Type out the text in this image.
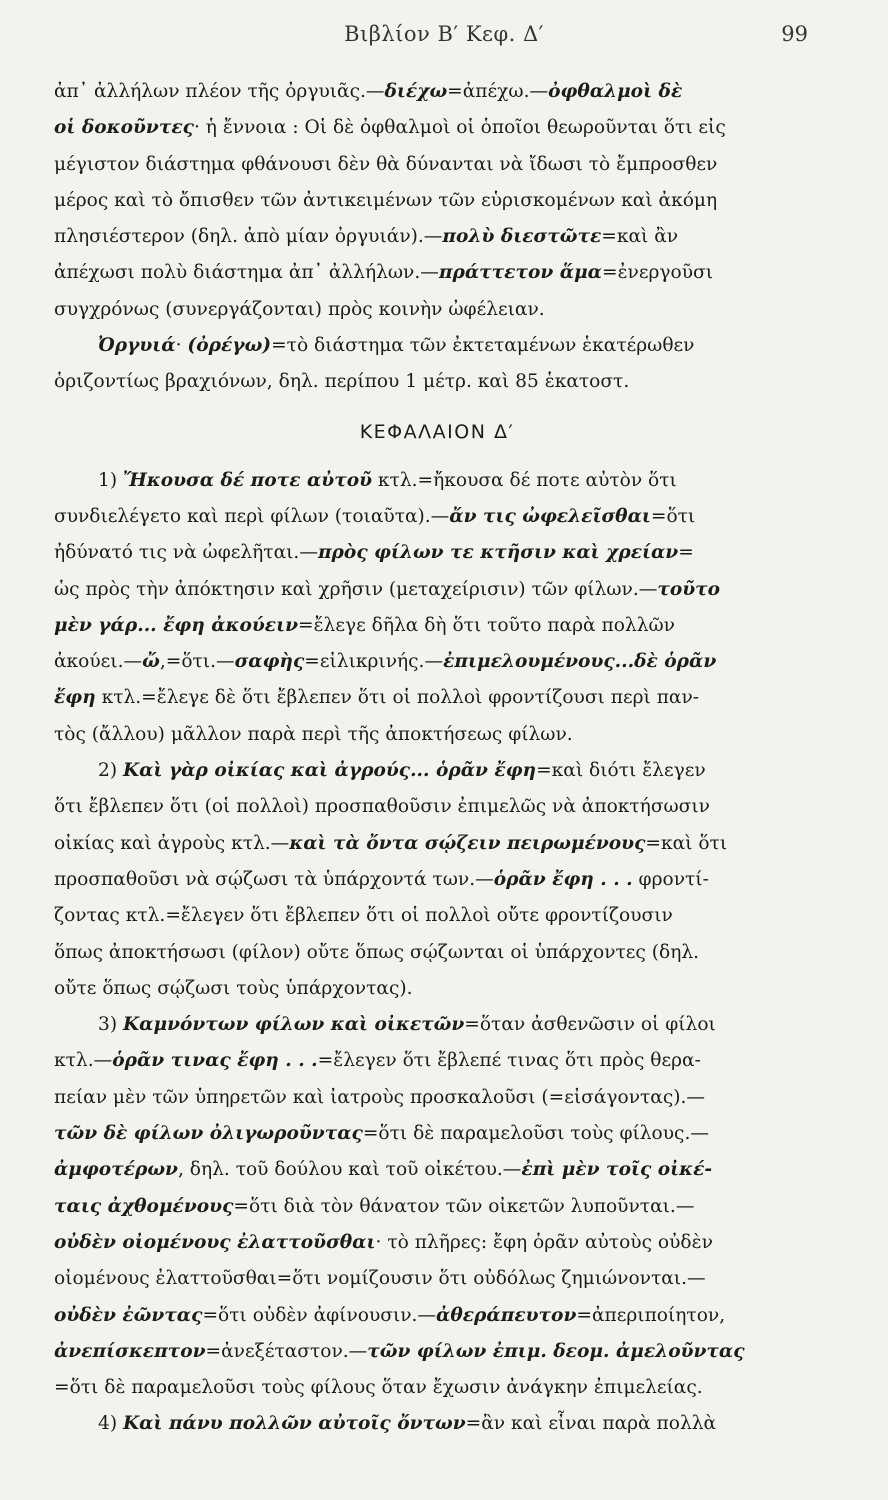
Βιβλίον Β′ Κεφ. Δ′	99
ἀπ᾽ ἀλλήλων πλέον τῆς ὀργυιᾶς.—διέχω=ἀπέχω.—ὀφθαλμοὶ δὲ
οἱ δοκοῦντες· ἡ ἔννοια : Οἱ δὲ ὀφθαλμοὶ οἱ ὁποῖοι θεωροῦνται ὅτι εἰς
μέγιστον διάστημα φθάνουσι δὲν θὰ δύνανται νὰ ἴδωσι τὸ ἔμπροσθεν
μέρος καὶ τὸ ὄπισθεν τῶν ἀντικειμένων τῶν εὑρισκομένων καὶ ἀκόμη
πλησιέστερον (δηλ. ἀπὸ μίαν ὀργυιάν).—πολὺ διεστῶτε=καὶ ἂν
ἀπέχωσι πολὺ διάστημα ἀπ᾽ ἀλλήλων.—πράττετον ἅμα=ἐνεργοῦσι
συγχρόνως (συνεργάζονται) πρὸς κοινὴν ὠφέλειαν.
Ὀργυιά· (ὀρέγω)=τὸ διάστημα τῶν ἐκτεταμένων ἑκατέρωθεν
ὁριζοντίως βραχιόνων, δηλ. περίπου 1 μέτρ. καὶ 85 ἑκατοστ.
ΚΕΦΑΛΑΙΟΝ Δ′
1) Ἤκουσα δέ ποτε αὐτοῦ κτλ.=ἤκουσα δέ ποτε αὐτὸν ὅτι
συνδιελέγετο καὶ περὶ φίλων (τοιαῦτα).—ἄν τις ὠφελεῖσθαι=ὅτι
ἠδύνατό τις νὰ ὠφελῆται.—πρὸς φίλων τε κτῆσιν καὶ χρείαν=
ὡς πρὸς τὴν ἀπόκτησιν καὶ χρῆσιν (μεταχείρισιν) τῶν φίλων.—τοῦτο
μὲν γάρ... ἔφη ἀκούειν=ἔλεγε δῆλα δὴ ὅτι τοῦτο παρὰ πολλῶν
ἀκούει.—ὤ,=ὅτι.—σαφὴς=εἰλικρινής.—ἐπιμελουμένους...δὲ ὁρᾶν
ἔφη κτλ.=ἔλεγε δὲ ὅτι ἔβλεπεν ὅτι οἱ πολλοὶ φροντίζουσι περὶ παν-
τὸς (ἄλλου) μᾶλλον παρὰ περὶ τῆς ἀποκτήσεως φίλων.
2) Καὶ γὰρ οἰκίας καὶ ἀγρούς... ὁρᾶν ἔφη=καὶ διότι ἔλεγεν
ὅτι ἔβλεπεν ὅτι (οἱ πολλοὶ) προσπαθοῦσιν ἐπιμελῶς νὰ ἀποκτήσωσιν
οἰκίας καὶ ἀγροὺς κτλ.—καὶ τὰ ὄντα σῴζειν πειρωμένους=καὶ ὅτι
προσπαθοῦσι νὰ σῴζωσι τὰ ὑπάρχοντά των.—ὁρᾶν ἔφη . . . φροντί-
ζοντας κτλ.=ἔλεγεν ὅτι ἔβλεπεν ὅτι οἱ πολλοὶ οὔτε φροντίζουσιν
ὅπως ἀποκτήσωσι (φίλον) οὔτε ὅπως σῴζωνται οἱ ὑπάρχοντες (δηλ.
οὔτε ὅπως σῴζωσι τοὺς ὑπάρχοντας).
3) Καμνόντων φίλων καὶ οἰκετῶν=ὅταν ἀσθενῶσιν οἱ φίλοι
κτλ.—ὁρᾶν τινας ἔφη . . .=ἔλεγεν ὅτι ἔβλεπέ τινας ὅτι πρὸς θερα-
πείαν μὲν τῶν ὑπηρετῶν καὶ ἰατροὺς προσκαλοῦσι (=εἰσάγοντας).—
τῶν δὲ φίλων ὀλιγωροῦντας=ὅτι δὲ παραμελοῦσι τοὺς φίλους.—
ἀμφοτέρων, δηλ. τοῦ δούλου καὶ τοῦ οἰκέτου.—ἐπὶ μὲν τοῖς οἰκέ-
ταις ἀχθομένους=ὅτι διὰ τὸν θάνατον τῶν οἰκετῶν λυποῦνται.—
οὐδὲν οἰομένους ἐλαττοῦσθαι· τὸ πλῆρες: ἔφη ὁρᾶν αὐτοὺς οὐδὲν
οἰομένους ἐλαττοῦσθαι=ὅτι νομίζουσιν ὅτι οὐδόλως ζημιώνονται.—
οὐδὲν ἐῶντας=ὅτι οὐδὲν ἀφίνουσιν.—ἀθεράπευτον=ἀπεριποίητον,
ἀνεπίσκεπτον=ἀνεξέταστον.—τῶν φίλων ἐπιμ. δεομ. ἀμελοῦντας
=ὅτι δὲ παραμελοῦσι τοὺς φίλους ὅταν ἔχωσιν ἀνάγκην ἐπιμελείας.
4) Καὶ πάνυ πολλῶν αὐτοῖς ὄντων=ἂν καὶ εἶναι παρὰ πολλὰ
